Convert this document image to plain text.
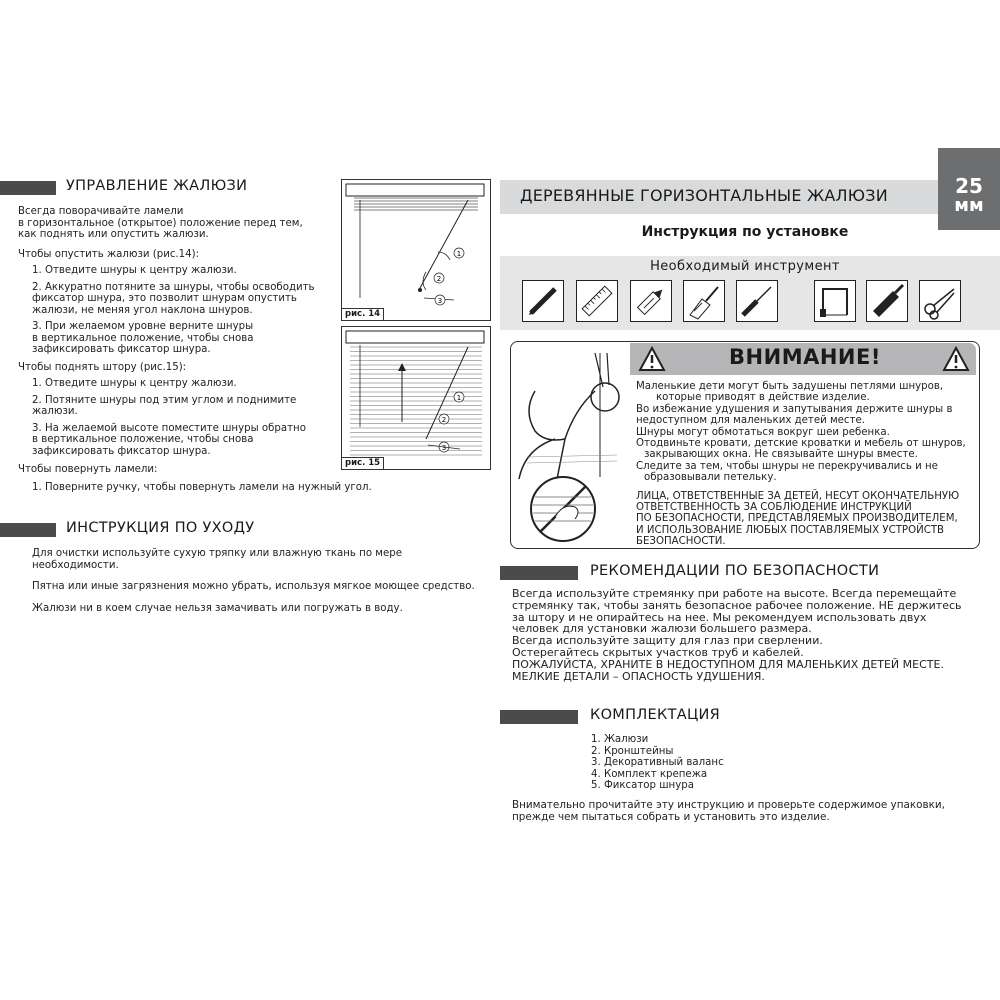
УПРАВЛЕНИЕ ЖАЛЮЗИ

Всегда поворачивайте ламели

в горизонтальное (открытое) положение перед тем,

как поднять или опустить жалюзи.

Чтобы опустить жалюзи (рис.14):

1. Отведите шнуры к центру жалюзи.

2. Аккуратно потяните за шнуры, чтобы освободить

фиксатор шнура, это позволит шнурам опустить

жалюзи, не меняя угол наклона шнуров.

3. При желаемом уровне верните шнуры

в вертикальное положение, чтобы снова

зафиксировать фиксатор шнура.

Чтобы поднять штору (рис.15):

1. Отведите шнуры к центру жалюзи.

2. Потяните шнуры под этим углом и поднимите

жалюзи.

3. На желаемой высоте поместите шнуры обратно

в вертикальное положение, чтобы снова

зафиксировать фиксатор шнура.

Чтобы повернуть ламели:

1. Поверните ручку, чтобы повернуть ламели на нужный угол.

1
2
3
рис. 14
1
2
3
рис. 15
ИНСТРУКЦИЯ ПО УХОДУ

Для очистки используйте сухую тряпку или влажную ткань по мере

необходимости.

Пятна или иные загрязнения можно убрать, используя мягкое моющее средство.

Жалюзи ни в коем случае нельзя замачивать или погружать в воду.

ДЕРЕВЯННЫЕ ГОРИЗОНТАЛЬНЫЕ ЖАЛЮЗИ	25
мм
Инструкция по установке
Необходимый инструмент
ВНИМАНИЕ!

Маленькие дети могут быть задушены петлями шнуров,

которые приводят в действие изделие.

Во избежание удушения и запутывания держите шнуры в

недоступном для маленьких детей месте.

Шнуры могут обмотаться вокруг шеи ребенка.

Отодвиньте кровати, детские кроватки и мебель от шнуров,

закрывающих окна. Не связывайте шнуры вместе.

Следите за тем, чтобы шнуры не перекручивались и не

образовывали петельку.

ЛИЦА, ОТВЕТСТВЕННЫЕ ЗА ДЕТЕЙ, НЕСУТ ОКОНЧАТЕЛЬНУЮ

ОТВЕТСТВЕННОСТЬ ЗА СОБЛЮДЕНИЕ ИНСТРУКЦИЙ

ПО БЕЗОПАСНОСТИ, ПРЕДСТАВЛЯЕМЫХ ПРОИЗВОДИТЕЛЕМ,

И ИСПОЛЬЗОВАНИЕ ЛЮБЫХ ПОСТАВЛЯЕМЫХ УСТРОЙСТВ

БЕЗОПАСНОСТИ.

РЕКОМЕНДАЦИИ ПО БЕЗОПАСНОСТИ

Всегда используйте стремянку при работе на высоте. Всегда перемещайте

стремянку так, чтобы занять безопасное рабочее положение. НЕ держитесь

за штору и не опирайтесь на нее. Мы рекомендуем использовать двух

человек для установки жалюзи большего размера.

Всегда используйте защиту для глаз при сверлении.

Остерегайтесь скрытых участков труб и кабелей.

ПОЖАЛУЙСТА, ХРАНИТЕ В НЕДОСТУПНОМ ДЛЯ МАЛЕНЬКИХ ДЕТЕЙ МЕСТЕ.

МЕЛКИЕ ДЕТАЛИ – ОПАСНОСТЬ УДУШЕНИЯ.

КОМПЛЕКТАЦИЯ

1. Жалюзи

2. Кронштейны

3. Декоративный валанс

4. Комплект крепежа

5. Фиксатор шнура

Внимательно прочитайте эту инструкцию и проверьте содержимое упаковки,

прежде чем пытаться собрать и установить это изделие.
